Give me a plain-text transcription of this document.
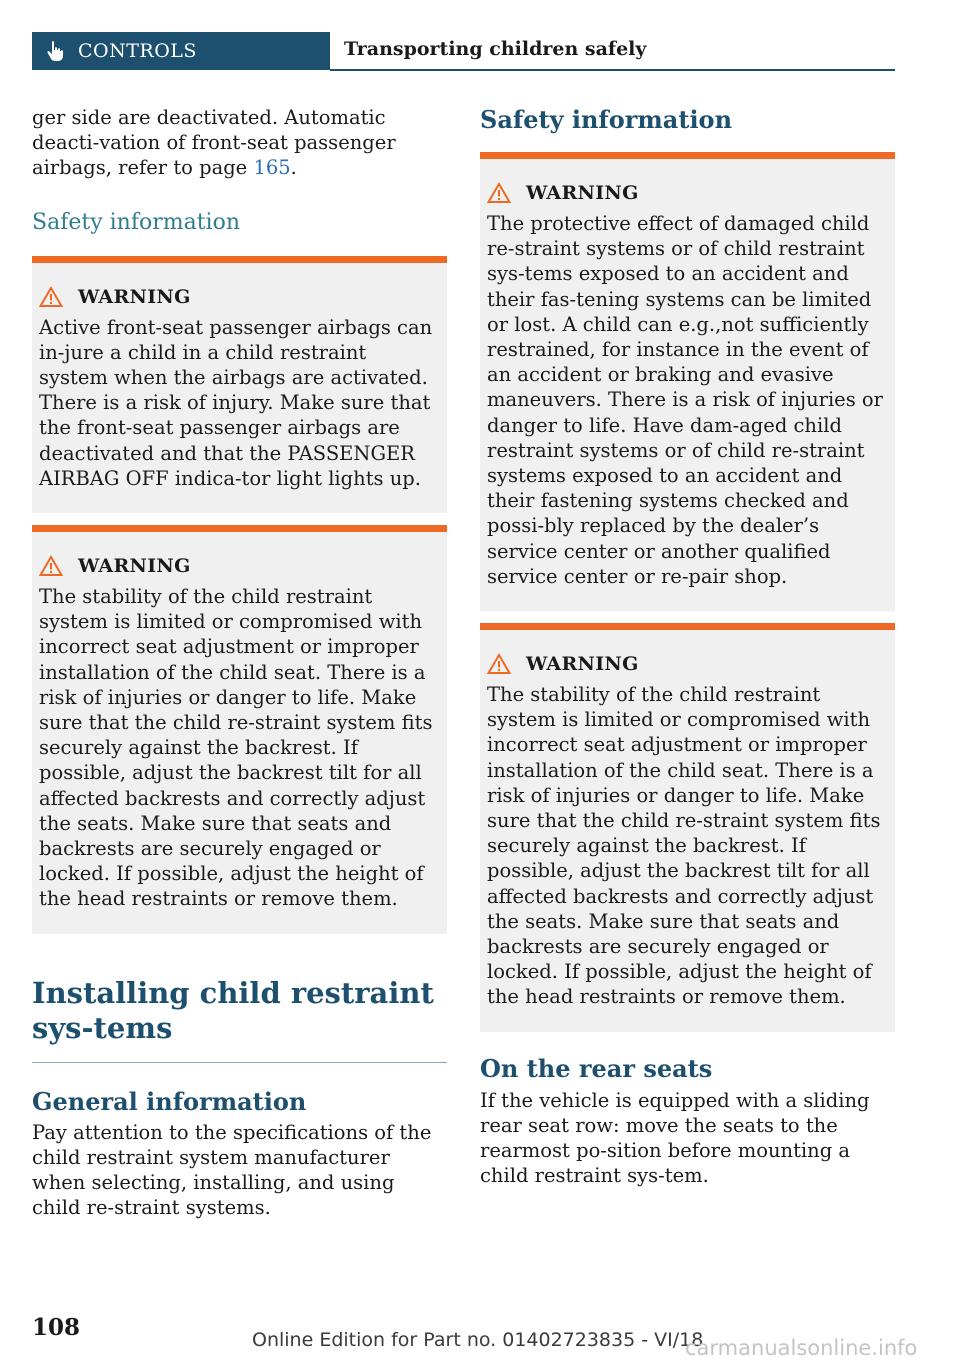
CONTROLS	Transporting children safely

ger side are deactivated. Automatic deacti-vation of front-seat passenger airbags, refer to page 165.

Safety information
WARNING

Active front-seat passenger airbags can in-jure a child in a child restraint system when the airbags are activated. There is a risk of injury. Make sure that the front-seat passenger airbags are deactivated and that the PASSENGER AIRBAG OFF indica-tor light lights up.

WARNING

The stability of the child restraint system is limited or compromised with incorrect seat adjustment or improper installation of the child seat. There is a risk of injuries or danger to life. Make sure that the child re-straint system fits securely against the backrest. If possible, adjust the backrest tilt for all affected backrests and correctly adjust the seats. Make sure that seats and backrests are securely engaged or locked. If possible, adjust the height of the head restraints or remove them.

Installing child restraint sys-tems
General information

Pay attention to the specifications of the child restraint system manufacturer when selecting, installing, and using child re-straint systems.

Safety information
WARNING

The protective effect of damaged child re-straint systems or of child restraint sys-tems exposed to an accident and their fas-tening systems can be limited or lost. A child can e.g.,not sufficiently restrained, for instance in the event of an accident or braking and evasive maneuvers. There is a risk of injuries or danger to life. Have dam-aged child restraint systems or of child re-straint systems exposed to an accident and their fastening systems checked and possi-bly replaced by the dealer’s service center or another qualified service center or re-pair shop.

WARNING

The stability of the child restraint system is limited or compromised with incorrect seat adjustment or improper installation of the child seat. There is a risk of injuries or danger to life. Make sure that the child re-straint system fits securely against the backrest. If possible, adjust the backrest tilt for all affected backrests and correctly adjust the seats. Make sure that seats and backrests are securely engaged or locked. If possible, adjust the height of the head restraints or remove them.

On the rear seats

If the vehicle is equipped with a sliding rear seat row: move the seats to the rearmost po-sition before mounting a child restraint sys-tem.

108	Online Edition for Part no. 01402723835 - VI/18
carmanualsonline.info
